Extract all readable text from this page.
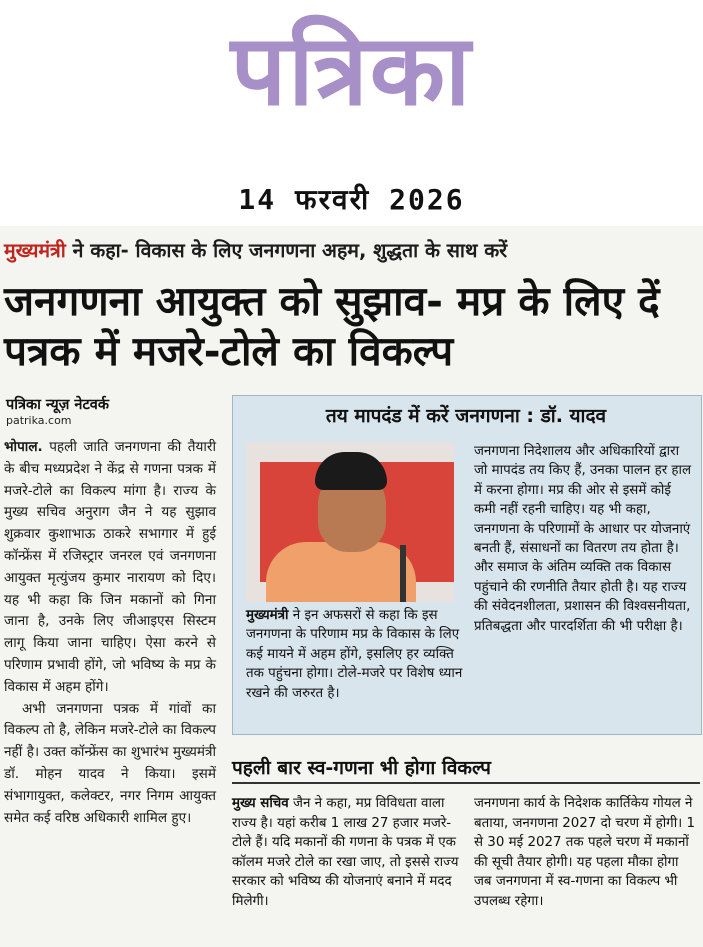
पत्रिका
14 फरवरी 2026
मुख्यमंत्री ने कहा- विकास के लिए जनगणना अहम, शुद्धता के साथ करें
जनगणना आयुक्त को सुझाव- मप्र के लिए दें पत्रक में मजरे-टोले का विकल्प
पत्रिका न्यूज़ नेटवर्क
patrika.com

भोपाल. पहली जाति जनगणना की तैयारी के बीच मध्यप्रदेश ने केंद्र से गणना पत्रक में मजरे-टोले का विकल्प मांगा है। राज्य के मुख्य सचिव अनुराग जैन ने यह सुझाव शुक्रवार कुशाभाऊ ठाकरे सभागार में हुई कॉन्फ्रेंस में रजिस्ट्रार जनरल एवं जनगणना आयुक्त मृत्युंजय कुमार नारायण को दिए। यह भी कहा कि जिन मकानों को गिना जाना है, उनके लिए जीआइएस सिस्टम लागू किया जाना चाहिए। ऐसा करने से परिणाम प्रभावी होंगे, जो भविष्य के मप्र के विकास में अहम होंगे।

अभी जनगणना पत्रक में गांवों का विकल्प तो है, लेकिन मजरे-टोले का विकल्प नहीं है। उक्त कॉन्फ्रेंस का शुभारंभ मुख्यमंत्री डॉ. मोहन यादव ने किया। इसमें संभागायुक्त, कलेक्टर, नगर निगम आयुक्त समेत कई वरिष्ठ अधिकारी शामिल हुए।

तय मापदंड में करें जनगणना : डॉ. यादव
मुख्यमंत्री ने इन अफसरों से कहा कि इस जनगणना के परिणाम मप्र के विकास के लिए कई मायने में अहम होंगे, इसलिए हर व्यक्ति तक पहुंचना होगा। टोले-मजरे पर विशेष ध्यान रखने की जरुरत है।
जनगणना निदेशालय और अधिकारियों द्वारा जो मापदंड तय किए हैं, उनका पालन हर हाल में करना होगा। मप्र की ओर से इसमें कोई कमी नहीं रहनी चाहिए। यह भी कहा, जनगणना के परिणामों के आधार पर योजनाएं बनती हैं, संसाधनों का वितरण तय होता है। और समाज के अंतिम व्यक्ति तक विकास पहुंचाने की रणनीति तैयार होती है। यह राज्य की संवेदनशीलता, प्रशासन की विश्वसनीयता, प्रतिबद्धता और पारदर्शिता की भी परीक्षा है।
पहली बार स्व-गणना भी होगा विकल्प
मुख्य सचिव जैन ने कहा, मप्र विविधता वाला राज्य है। यहां करीब 1 लाख 27 हजार मजरे-टोले हैं। यदि मकानों की गणना के पत्रक में एक कॉलम मजरे टोले का रखा जाए, तो इससे राज्य सरकार को भविष्य की योजनाएं बनाने में मदद मिलेगी।
जनगणना कार्य के निदेशक कार्तिकेय गोयल ने बताया, जनगणना 2027 दो चरण में होगी। 1 से 30 मई 2027 तक पहले चरण में मकानों की सूची तैयार होगी। यह पहला मौका होगा जब जनगणना में स्व-गणना का विकल्प भी उपलब्ध रहेगा।
